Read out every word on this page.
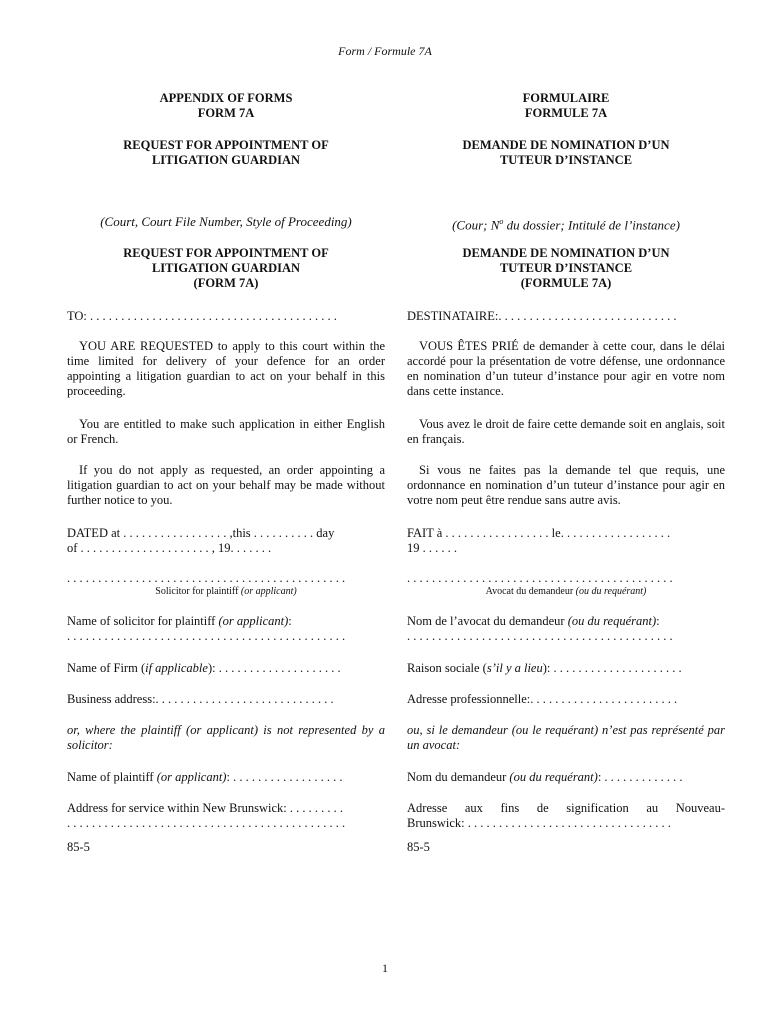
Form / Formule 7A
APPENDIX OF FORMS
FORM 7A
REQUEST FOR APPOINTMENT OF
LITIGATION GUARDIAN
(Court, Court File Number, Style of Proceeding)
REQUEST FOR APPOINTMENT OF
LITIGATION GUARDIAN
(FORM 7A)
TO: . . . . . . . . . . . . . . . . . . . . . . . . . . . . . . . . . . . . . . . .
YOU ARE REQUESTED to apply to this court within the time limited for delivery of your defence for an order appointing a litigation guardian to act on your behalf in this proceeding.
You are entitled to make such application in either English or French.
If you do not apply as requested, an order appointing a litigation guardian to act on your behalf may be made without further notice to you.
DATED at . . . . . . . . . . . . . . . . . ,this . . . . . . . . . . day
of . . . . . . . . . . . . . . . . . . . . . , 19. . . . . . .
. . . . . . . . . . . . . . . . . . . . . . . . . . . . . . . . . . . . . . . . . . . . .
Solicitor for plaintiff (or applicant)
Name of solicitor for plaintiff (or applicant):
. . . . . . . . . . . . . . . . . . . . . . . . . . . . . . . . . . . . . . . . . . . . .
Name of Firm (if applicable): . . . . . . . . . . . . . . . . . . . .
Business address:. . . . . . . . . . . . . . . . . . . . . . . . . . . . .
or, where the plaintiff (or applicant) is not represented by a solicitor:
Name of plaintiff (or applicant): . . . . . . . . . . . . . . . . . .
Address for service within New Brunswick: . . . . . . . . .
. . . . . . . . . . . . . . . . . . . . . . . . . . . . . . . . . . . . . . . . . . . . .
85-5
FORMULAIRE
FORMULE 7A
DEMANDE DE NOMINATION D’UN
TUTEUR D’INSTANCE
(Cour; $N^o$ du dossier; Intitulé de l’instance)
DEMANDE DE NOMINATION D’UN
TUTEUR D’INSTANCE
(FORMULE 7A)
DESTINATAIRE:. . . . . . . . . . . . . . . . . . . . . . . . . . . . .
VOUS ÊTES PRIÉ de demander à cette cour, dans le délai accordé pour la présentation de votre défense, une ordonnance en nomination d’un tuteur d’instance pour agir en votre nom dans cette instance.
Vous avez le droit de faire cette demande soit en anglais, soit en français.
Si vous ne faites pas la demande tel que requis, une ordonnance en nomination d’un tuteur d’instance pour agir en votre nom peut être rendue sans autre avis.
FAIT à . . . . . . . . . . . . . . . . . le. . . . . . . . . . . . . . . . . .
19 . . . . . .
. . . . . . . . . . . . . . . . . . . . . . . . . . . . . . . . . . . . . . . . . . .
Avocat du demandeur (ou du requérant)
Nom de l’avocat du demandeur (ou du requérant):
. . . . . . . . . . . . . . . . . . . . . . . . . . . . . . . . . . . . . . . . . . .
Raison sociale (s’il y a lieu): . . . . . . . . . . . . . . . . . . . . .
Adresse professionnelle:. . . . . . . . . . . . . . . . . . . . . . . .
ou, si le demandeur (ou le requérant) n’est pas représenté par un avocat:
Nom du demandeur (ou du requérant): . . . . . . . . . . . . .
Adresse aux fins de signification au Nouveau-
Brunswick: . . . . . . . . . . . . . . . . . . . . . . . . . . . . . . . . .
85-5
1
